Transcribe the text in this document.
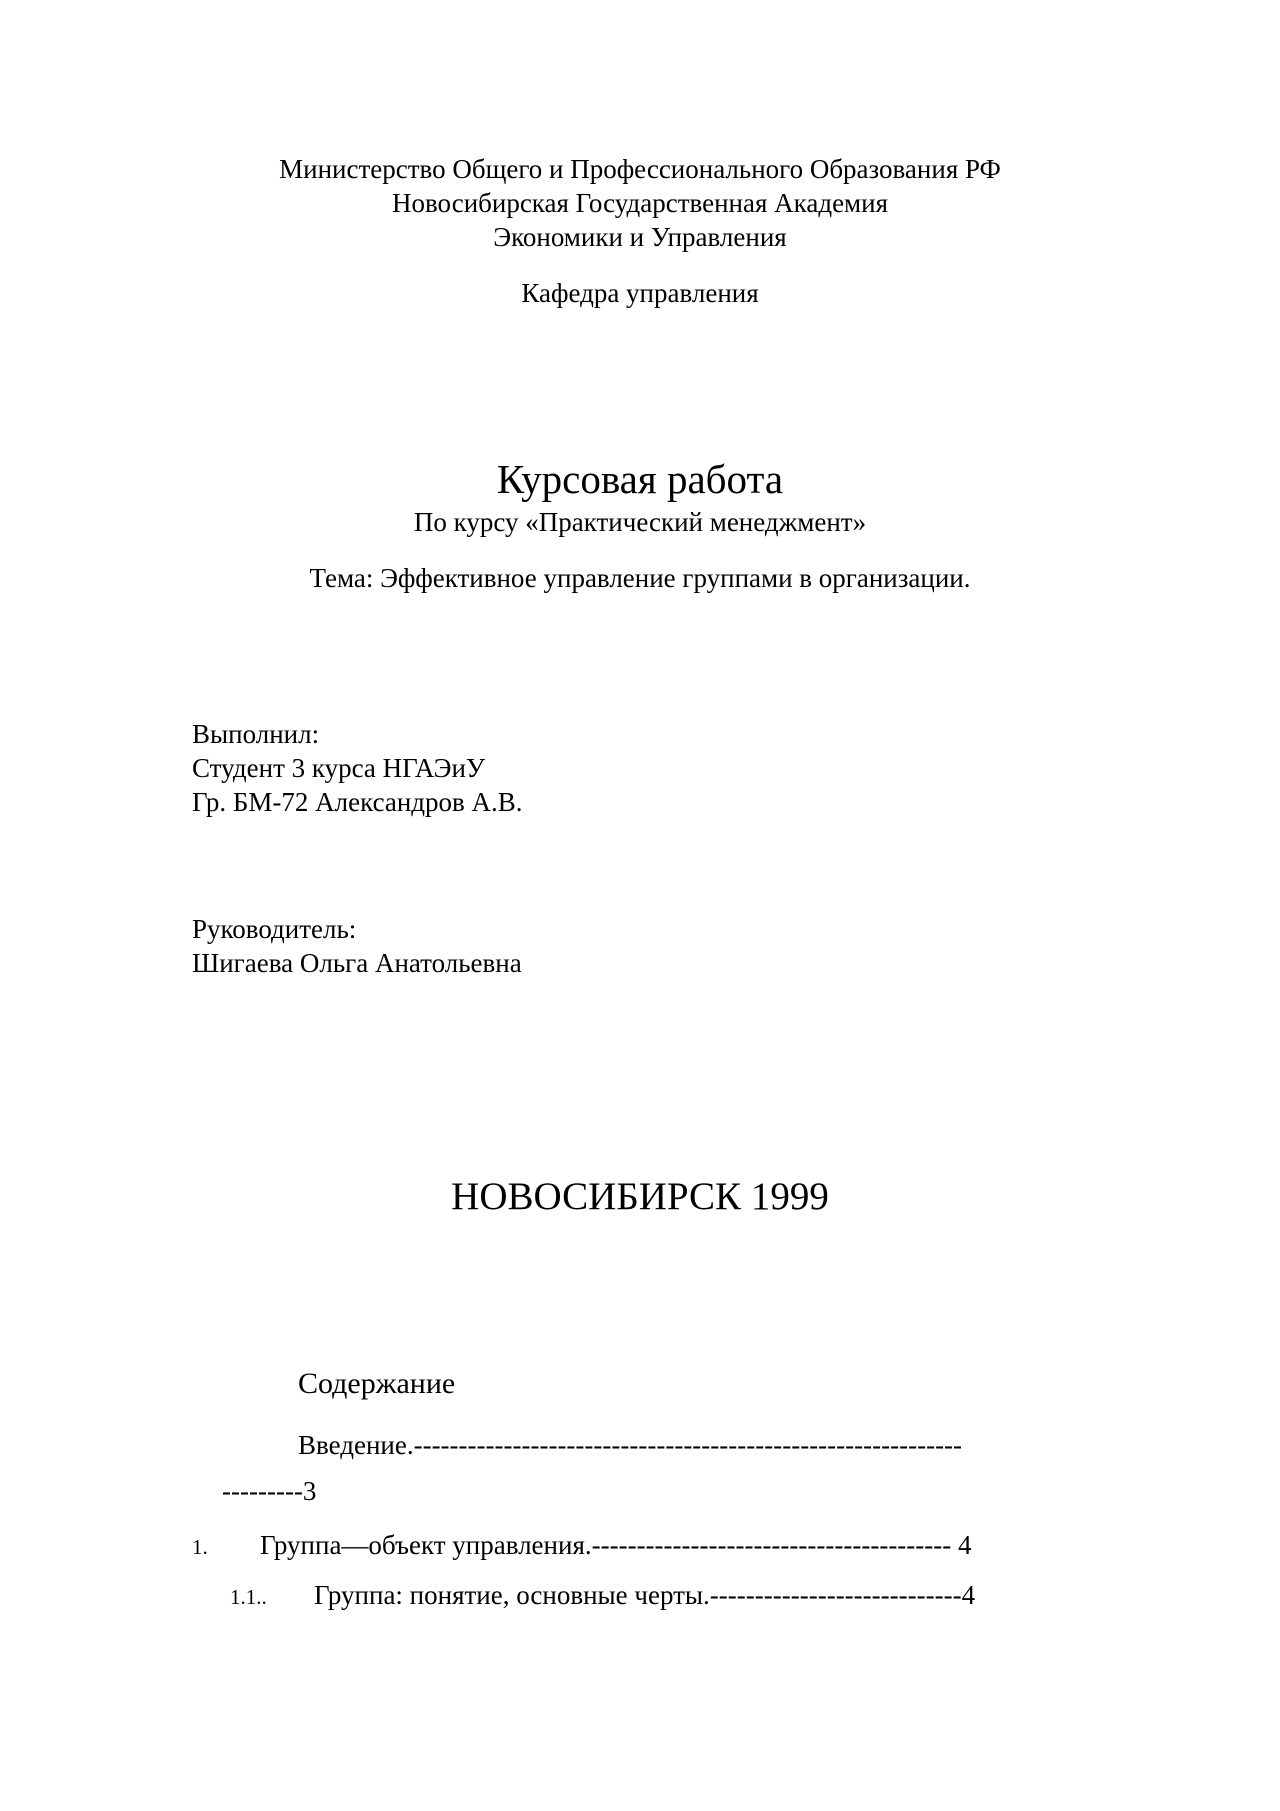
Министерство Общего и Профессионального Образования РФ
Новосибирская Государственная Академия
Экономики и Управления
Кафедра управления
Курсовая работа
По курсу «Практический менеджмент»
Тема: Эффективное управление группами в организации.
Выполнил:
Студент 3 курса НГАЭиУ
Гр. БМ-72 Александров А.В.
Руководитель:
Шигаева Ольга Анатольевна
НОВОСИБИРСК 1999
Содержание
Введение.-------------------------------------------------------------
---------3
1. Группа—объект управления.---------------------------------------- 4
1.1.. Группа: понятие, основные черты.----------------------------4
